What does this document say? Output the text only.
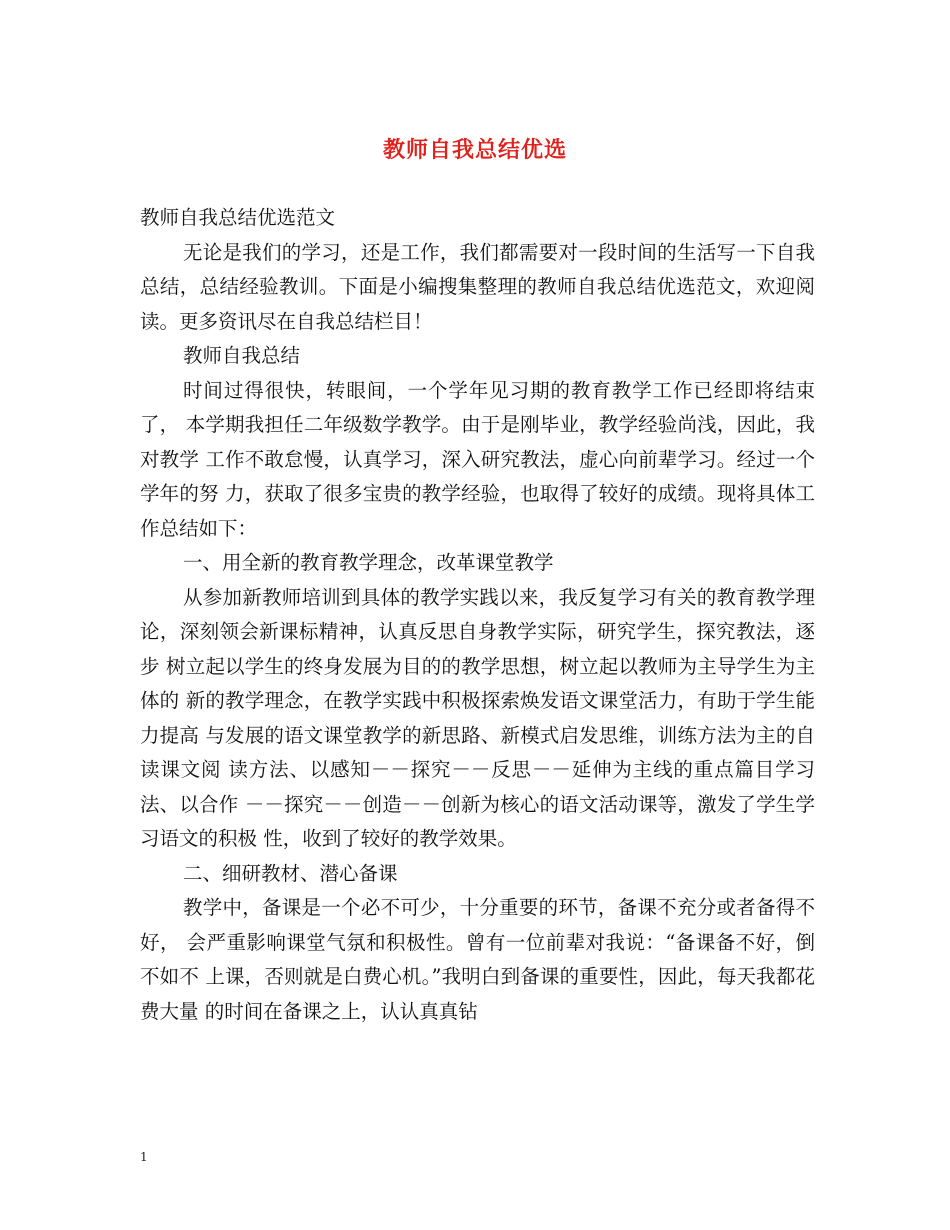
教师自我总结优选

教师自我总结优选范文

无论是我们的学习，还是工作，我们都需要对一段时间的生活写一下自我总结，总结经验教训。下面是小编搜集整理的教师自我总结优选范文，欢迎阅读。更多资讯尽在自我总结栏目！

教师自我总结

时间过得很快，转眼间，一个学年见习期的教育教学工作已经即将结束了， 本学期我担任二年级数学教学。由于是刚毕业，教学经验尚浅，因此，我对教学 工作不敢怠慢，认真学习，深入研究教法，虚心向前辈学习。经过一个学年的努 力，获取了很多宝贵的教学经验，也取得了较好的成绩。现将具体工作总结如下：

一、用全新的教育教学理念，改革课堂教学

从参加新教师培训到具体的教学实践以来，我反复学习有关的教育教学理 论，深刻领会新课标精神，认真反思自身教学实际，研究学生，探究教法，逐步 树立起以学生的终身发展为目的的教学思想，树立起以教师为主导学生为主体的 新的教学理念，在教学实践中积极探索焕发语文课堂活力，有助于学生能力提高 与发展的语文课堂教学的新思路、新模式启发思维，训练方法为主的自读课文阅 读方法、以感知－－探究－－反思－－延伸为主线的重点篇目学习法、以合作 －－探究－－创造－－创新为核心的语文活动课等，激发了学生学习语文的积极 性，收到了较好的教学效果。

二、细研教材、潜心备课

教学中，备课是一个必不可少，十分重要的环节，备课不充分或者备得不好， 会严重影响课堂气氛和积极性。曾有一位前辈对我说：“备课备不好，倒不如不 上课，否则就是白费心机。”我明白到备课的重要性，因此，每天我都花费大量 的时间在备课之上，认认真真钻

1
